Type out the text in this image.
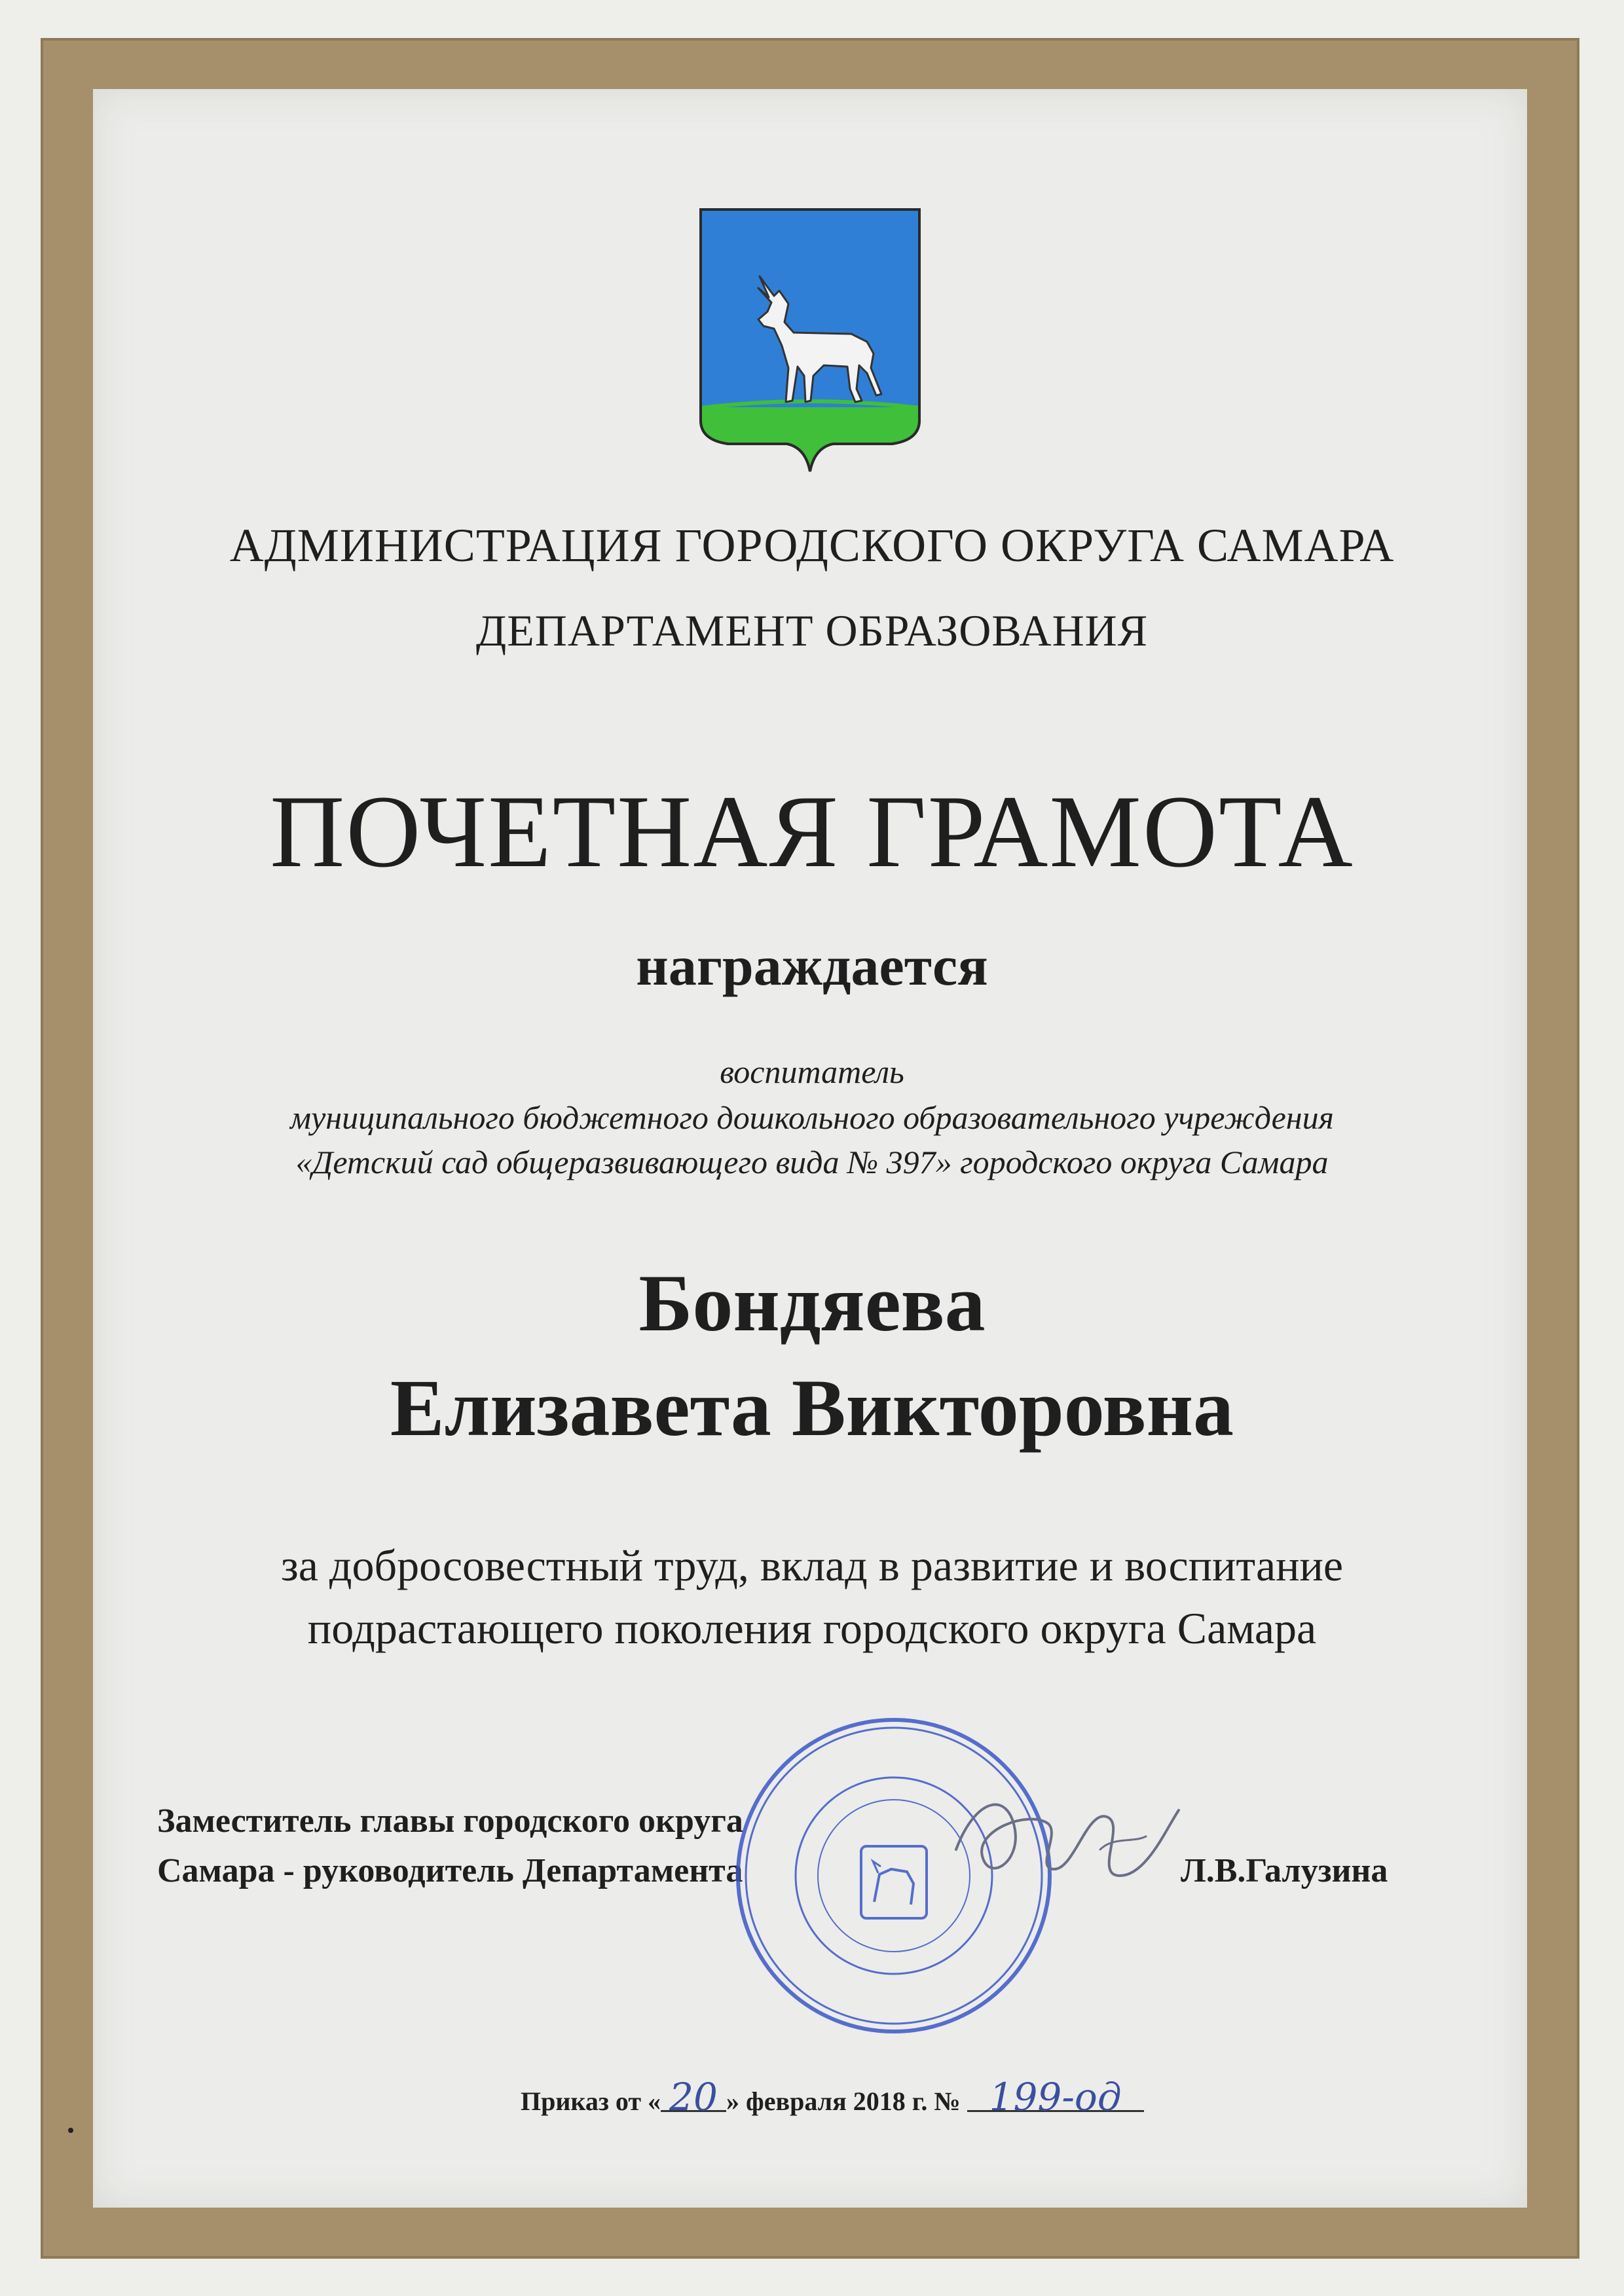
АДМИНИСТРАЦИЯ ГОРОДСКОГО ОКРУГА САМАРА
ДЕПАРТАМЕНТ ОБРАЗОВАНИЯ
ПОЧЕТНАЯ ГРАМОТА
награждается
воспитатель
муниципального бюджетного дошкольного образовательного учреждения
«Детский сад общеразвивающего вида № 397» городского округа Самара
Бондяева
Елизавета Викторовна
за добросовестный труд, вклад в развитие и воспитание
подрастающего поколения городского округа Самара
Заместитель главы городского округа
Самара - руководитель Департамента	Л.В.Галузина
Приказ от « 20 » февраля 2018 г. № 199-од
